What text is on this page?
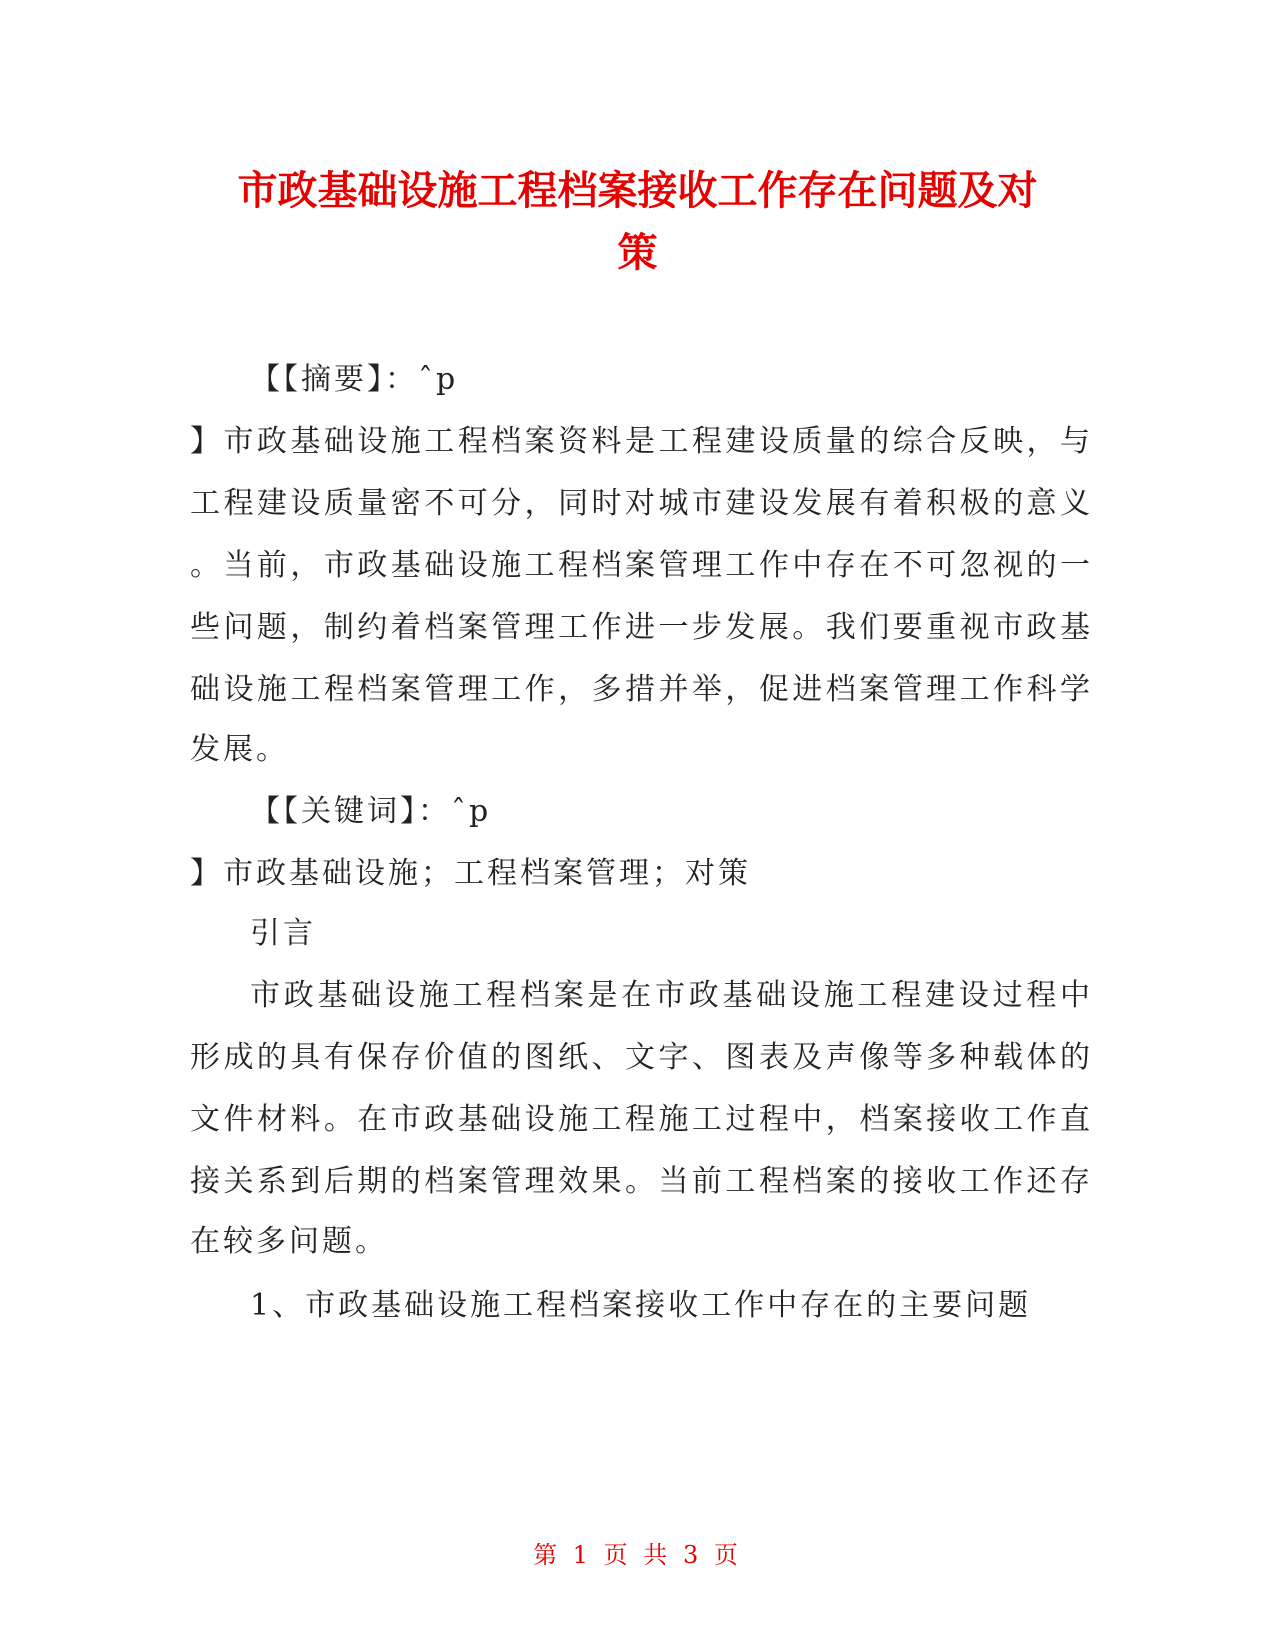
市政基础设施工程档案接收工作存在问题及对
策
【【摘要】：ˆp
】市政基础设施工程档案资料是工程建设质量的综合反映，与
工程建设质量密不可分，同时对城市建设发展有着积极的意义
。当前，市政基础设施工程档案管理工作中存在不可忽视的一
些问题，制约着档案管理工作进一步发展。我们要重视市政基
础设施工程档案管理工作，多措并举，促进档案管理工作科学
发展。
【【关键词】：ˆp
】市政基础设施；工程档案管理；对策
引言
市政基础设施工程档案是在市政基础设施工程建设过程中
形成的具有保存价值的图纸、文字、图表及声像等多种载体的
文件材料。在市政基础设施工程施工过程中，档案接收工作直
接关系到后期的档案管理效果。当前工程档案的接收工作还存
在较多问题。
1、市政基础设施工程档案接收工作中存在的主要问题
第 1 页 共 3 页
